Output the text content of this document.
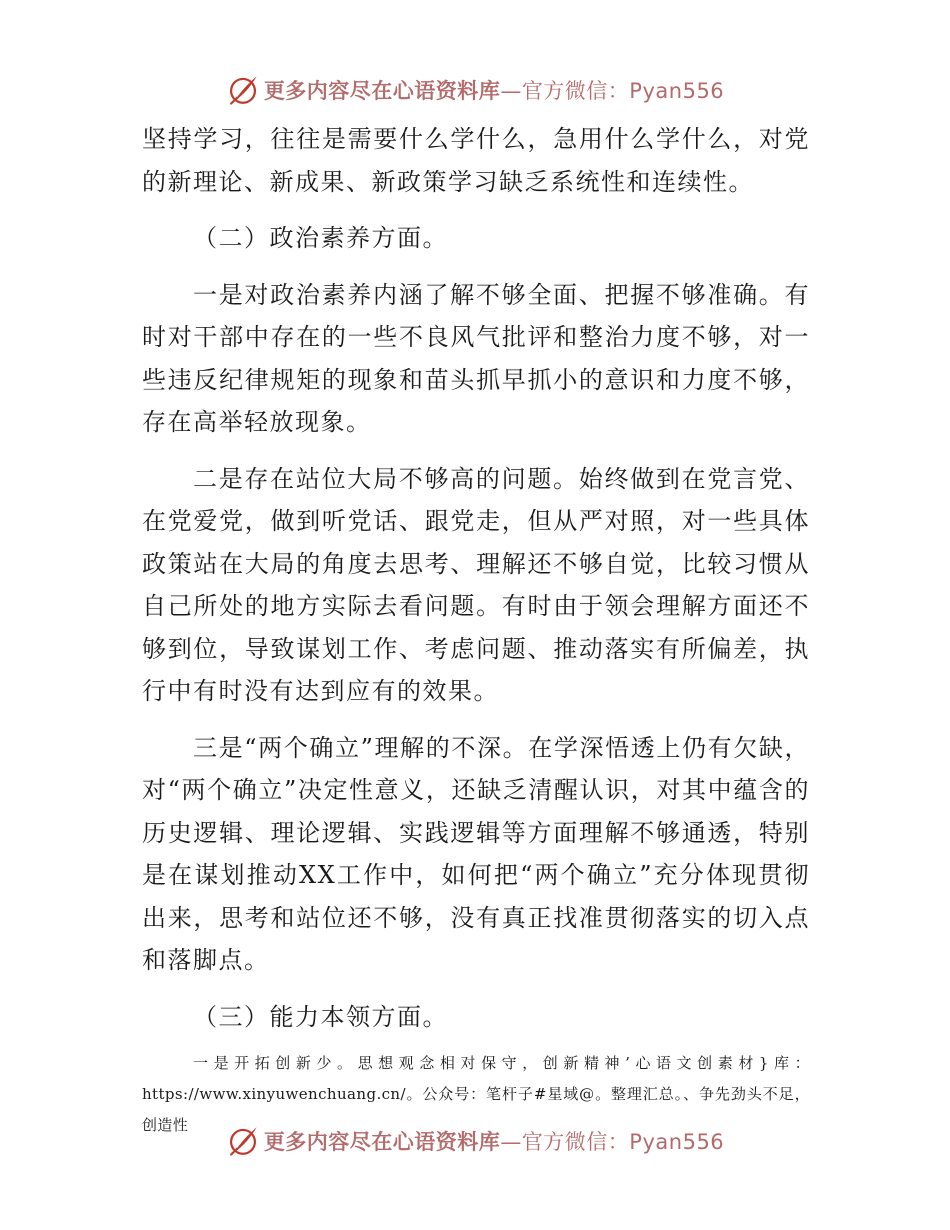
更多内容尽在心语资料库—官方微信：Pyan556

坚持学习，往往是需要什么学什么，急用什么学什么，对党的新理论、新成果、新政策学习缺乏系统性和连续性。

（二）政治素养方面。

一是对政治素养内涵了解不够全面、把握不够准确。有时对干部中存在的一些不良风气批评和整治力度不够，对一些违反纪律规矩的现象和苗头抓早抓小的意识和力度不够，存在高举轻放现象。

二是存在站位大局不够高的问题。始终做到在党言党、在党爱党，做到听党话、跟党走，但从严对照，对一些具体政策站在大局的角度去思考、理解还不够自觉，比较习惯从自己所处的地方实际去看问题。有时由于领会理解方面还不够到位，导致谋划工作、考虑问题、推动落实有所偏差，执行中有时没有达到应有的效果。

三是“两个确立”理解的不深。在学深悟透上仍有欠缺，对“两个确立”决定性意义，还缺乏清醒认识，对其中蕴含的历史逻辑、理论逻辑、实践逻辑等方面理解不够通透，特别是在谋划推动XX工作中，如何把“两个确立”充分体现贯彻出来，思考和站位还不够，没有真正找准贯彻落实的切入点和落脚点。

（三）能力本领方面。

一是开拓创新少。思想观念相对保守，创新精神’心语文创素材}库：https://www.xinyuwenchuang.cn/。公众号：笔杆子#星域@。整理汇总。、争先劲头不足，创造性

更多内容尽在心语资料库—官方微信：Pyan556
